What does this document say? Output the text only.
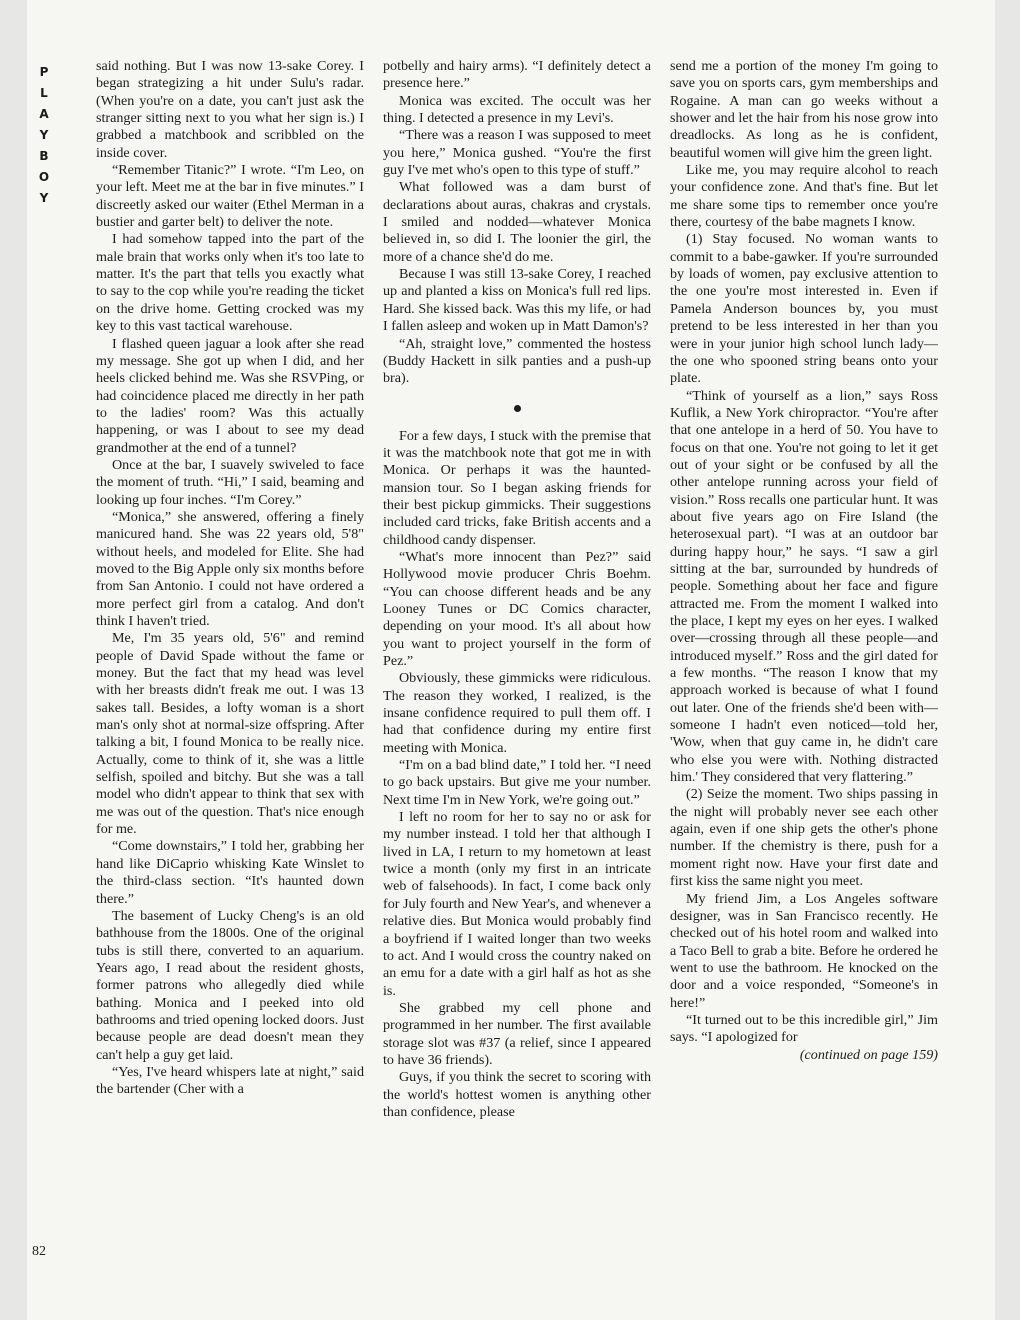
P
L
A
Y
B
O
Y
82

said nothing. But I was now 13-sake Corey. I began strategizing a hit under Sulu's radar. (When you're on a date, you can't just ask the stranger sitting next to you what her sign is.) I grabbed a matchbook and scribbled on the inside cover.

“Remember Titanic?” I wrote. “I'm Leo, on your left. Meet me at the bar in five minutes.” I discreetly asked our waiter (Ethel Merman in a bustier and garter belt) to deliver the note.

I had somehow tapped into the part of the male brain that works only when it's too late to matter. It's the part that tells you exactly what to say to the cop while you're reading the ticket on the drive home. Getting crocked was my key to this vast tactical warehouse.

I flashed queen jaguar a look after she read my message. She got up when I did, and her heels clicked behind me. Was she RSVPing, or had coincidence placed me directly in her path to the ladies' room? Was this actually happening, or was I about to see my dead grandmother at the end of a tunnel?

Once at the bar, I suavely swiveled to face the moment of truth. “Hi,” I said, beaming and looking up four inches. “I'm Corey.”

“Monica,” she answered, offering a finely manicured hand. She was 22 years old, 5'8" without heels, and modeled for Elite. She had moved to the Big Apple only six months before from San Antonio. I could not have ordered a more perfect girl from a catalog. And don't think I haven't tried.

Me, I'm 35 years old, 5'6" and remind people of David Spade without the fame or money. But the fact that my head was level with her breasts didn't freak me out. I was 13 sakes tall. Besides, a lofty woman is a short man's only shot at normal-size offspring. After talking a bit, I found Monica to be really nice. Actually, come to think of it, she was a little selfish, spoiled and bitchy. But she was a tall model who didn't appear to think that sex with me was out of the question. That's nice enough for me.

“Come downstairs,” I told her, grabbing her hand like DiCaprio whisking Kate Winslet to the third-class section. “It's haunted down there.”

The basement of Lucky Cheng's is an old bathhouse from the 1800s. One of the original tubs is still there, converted to an aquarium. Years ago, I read about the resident ghosts, former patrons who allegedly died while bathing. Monica and I peeked into old bathrooms and tried opening locked doors. Just because people are dead doesn't mean they can't help a guy get laid.

“Yes, I've heard whispers late at night,” said the bartender (Cher with a

potbelly and hairy arms). “I definitely detect a presence here.”

Monica was excited. The occult was her thing. I detected a presence in my Levi's.

“There was a reason I was supposed to meet you here,” Monica gushed. “You're the first guy I've met who's open to this type of stuff.”

What followed was a dam burst of declarations about auras, chakras and crystals. I smiled and nodded—whatever Monica believed in, so did I. The loonier the girl, the more of a chance she'd do me.

Because I was still 13-sake Corey, I reached up and planted a kiss on Monica's full red lips. Hard. She kissed back. Was this my life, or had I fallen asleep and woken up in Matt Damon's?

“Ah, straight love,” commented the hostess (Buddy Hackett in silk panties and a push-up bra).

For a few days, I stuck with the premise that it was the matchbook note that got me in with Monica. Or perhaps it was the haunted-mansion tour. So I began asking friends for their best pickup gimmicks. Their suggestions included card tricks, fake British accents and a childhood candy dispenser.

“What's more innocent than Pez?” said Hollywood movie producer Chris Boehm. “You can choose different heads and be any Looney Tunes or DC Comics character, depending on your mood. It's all about how you want to project yourself in the form of Pez.”

Obviously, these gimmicks were ridiculous. The reason they worked, I realized, is the insane confidence required to pull them off. I had that confidence during my entire first meeting with Monica.

“I'm on a bad blind date,” I told her. “I need to go back upstairs. But give me your number. Next time I'm in New York, we're going out.”

I left no room for her to say no or ask for my number instead. I told her that although I lived in LA, I return to my hometown at least twice a month (only my first in an intricate web of falsehoods). In fact, I come back only for July fourth and New Year's, and whenever a relative dies. But Monica would probably find a boyfriend if I waited longer than two weeks to act. And I would cross the country naked on an emu for a date with a girl half as hot as she is.

She grabbed my cell phone and programmed in her number. The first available storage slot was #37 (a relief, since I appeared to have 36 friends).

Guys, if you think the secret to scoring with the world's hottest women is anything other than confidence, please

send me a portion of the money I'm going to save you on sports cars, gym memberships and Rogaine. A man can go weeks without a shower and let the hair from his nose grow into dreadlocks. As long as he is confident, beautiful women will give him the green light.

Like me, you may require alcohol to reach your confidence zone. And that's fine. But let me share some tips to remember once you're there, courtesy of the babe magnets I know.

(1) Stay focused. No woman wants to commit to a babe-gawker. If you're surrounded by loads of women, pay exclusive attention to the one you're most interested in. Even if Pamela Anderson bounces by, you must pretend to be less interested in her than you were in your junior high school lunch lady—the one who spooned string beans onto your plate.

“Think of yourself as a lion,” says Ross Kuflik, a New York chiropractor. “You're after that one antelope in a herd of 50. You have to focus on that one. You're not going to let it get out of your sight or be confused by all the other antelope running across your field of vision.” Ross recalls one particular hunt. It was about five years ago on Fire Island (the heterosexual part). “I was at an outdoor bar during happy hour,” he says. “I saw a girl sitting at the bar, surrounded by hundreds of people. Something about her face and figure attracted me. From the moment I walked into the place, I kept my eyes on her eyes. I walked over—crossing through all these people—and introduced myself.” Ross and the girl dated for a few months. “The reason I know that my approach worked is because of what I found out later. One of the friends she'd been with—someone I hadn't even noticed—told her, 'Wow, when that guy came in, he didn't care who else you were with. Nothing distracted him.' They considered that very flattering.”

(2) Seize the moment. Two ships passing in the night will probably never see each other again, even if one ship gets the other's phone number. If the chemistry is there, push for a moment right now. Have your first date and first kiss the same night you meet.

My friend Jim, a Los Angeles software designer, was in San Francisco recently. He checked out of his hotel room and walked into a Taco Bell to grab a bite. Before he ordered he went to use the bathroom. He knocked on the door and a voice responded, “Someone's in here!”

“It turned out to be this incredible girl,” Jim says. “I apologized for

(continued on page 159)
